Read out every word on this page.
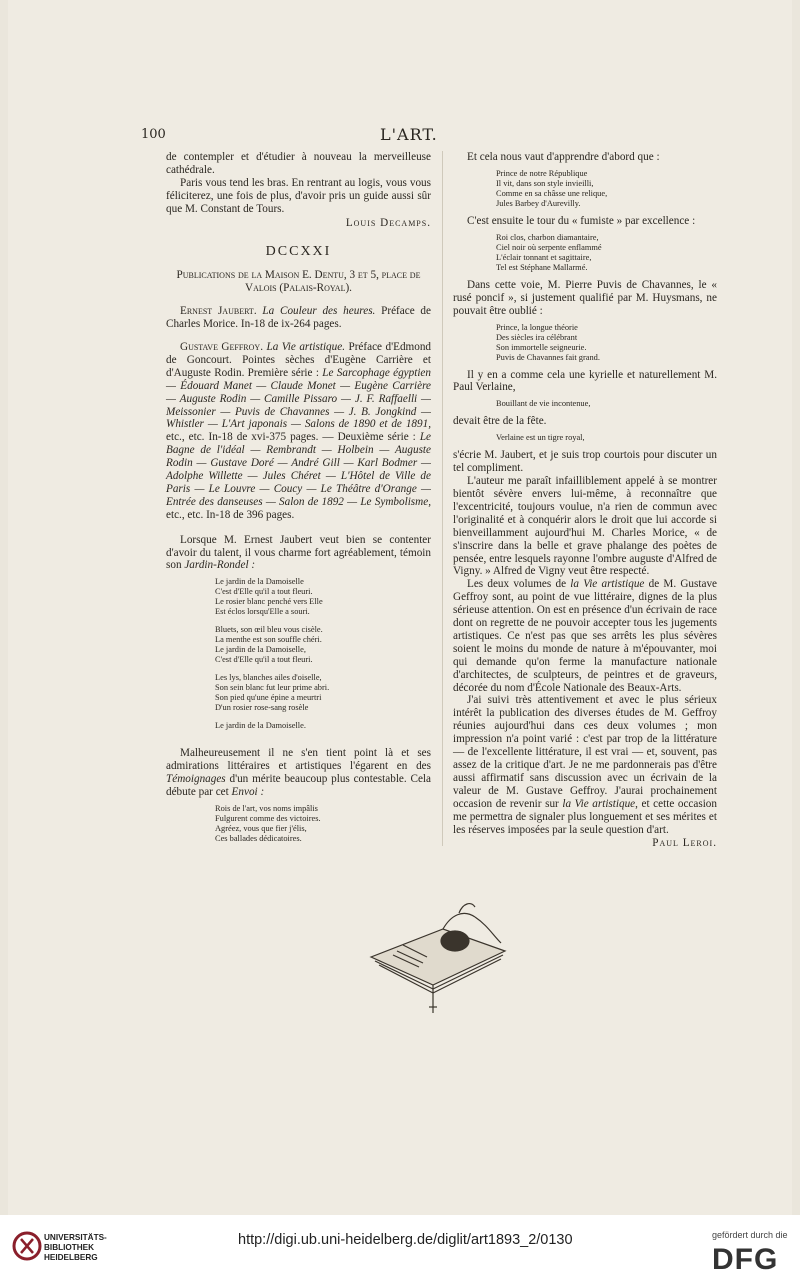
100	L'ART.

de contempler et d'étudier à nouveau la merveilleuse cathédrale.

Paris vous tend les bras. En rentrant au logis, vous vous féliciterez, une fois de plus, d'avoir pris un guide aussi sûr que M. Constant de Tours.

Louis Decamps.

DCCXXI

Publications de la Maison E. Dentu, 3 et 5, place de Valois (Palais-Royal).

Ernest Jaubert. La Couleur des heures. Préface de Charles Morice. In-18 de ix-264 pages.

Gustave Geffroy. La Vie artistique. Préface d'Edmond de Goncourt. Pointes sèches d'Eugène Carrière et d'Auguste Rodin. Première série : Le Sarcophage égyptien — Édouard Manet — Claude Monet — Eugène Carrière — Auguste Rodin — Camille Pissaro — J. F. Raffaelli — Meissonier — Puvis de Chavannes — J. B. Jongkind — Whistler — L'Art japonais — Salons de 1890 et de 1891, etc., etc. In-18 de xvi-375 pages. — Deuxième série : Le Bagne de l'idéal — Rembrandt — Holbein — Auguste Rodin — Gustave Doré — André Gill — Karl Bodmer — Adolphe Willette — Jules Chéret — L'Hôtel de Ville de Paris — Le Louvre — Coucy — Le Théâtre d'Orange — Entrée des danseuses — Salon de 1892 — Le Symbolisme, etc., etc. In-18 de 396 pages.

Lorsque M. Ernest Jaubert veut bien se contenter d'avoir du talent, il vous charme fort agréablement, témoin son Jardin-Rondel :

Le jardin de la Damoiselle
C'est d'Elle qu'il a tout fleuri.
Le rosier blanc penché vers Elle
Est éclos lorsqu'Elle a souri.
Bluets, son œil bleu vous cisèle.
La menthe est son souffle chéri.
Le jardin de la Damoiselle,
C'est d'Elle qu'il a tout fleuri.
Les lys, blanches ailes d'oiselle,
Son sein blanc fut leur prime abri.
Son pied qu'une épine a meurtri
D'un rosier rose-sang rosèle
Le jardin de la Damoiselle.

Malheureusement il ne s'en tient point là et ses admirations littéraires et artistiques l'égarent en des Témoignages d'un mérite beaucoup plus contestable. Cela débute par cet Envoi :

Rois de l'art, vos noms impâlis
Fulgurent comme des victoires.
Agréez, vous que fier j'élis,
Ces ballades dédicatoires.

Et cela nous vaut d'apprendre d'abord que :

Prince de notre République
Il vit, dans son style invieilli,
Comme en sa châsse une relique,
Jules Barbey d'Aurevilly.

C'est ensuite le tour du « fumiste » par excellence :

Roi clos, charbon diamantaire,
Ciel noir où serpente enflammé
L'éclair tonnant et sagittaire,
Tel est Stéphane Mallarmé.

Dans cette voie, M. Pierre Puvis de Chavannes, le « rusé poncif », si justement qualifié par M. Huysmans, ne pouvait être oublié :

Prince, la longue théorie
Des siècles ira célébrant
Son immortelle seigneurie.
Puvis de Chavannes fait grand.

Il y en a comme cela une kyrielle et naturellement M. Paul Verlaine,

Bouillant de vie incontenue,

devait être de la fête.

Verlaine est un tigre royal,

s'écrie M. Jaubert, et je suis trop courtois pour discuter un tel compliment.

L'auteur me paraît infailliblement appelé à se montrer bientôt sévère envers lui-même, à reconnaître que l'excentricité, toujours voulue, n'a rien de commun avec l'originalité et à conquérir alors le droit que lui accorde si bienveillamment aujourd'hui M. Charles Morice, « de s'inscrire dans la belle et grave phalange des poètes de pensée, entre lesquels rayonne l'ombre auguste d'Alfred de Vigny. » Alfred de Vigny veut être respecté.

Les deux volumes de la Vie artistique de M. Gustave Geffroy sont, au point de vue littéraire, dignes de la plus sérieuse attention. On est en présence d'un écrivain de race dont on regrette de ne pouvoir accepter tous les jugements artistiques. Ce n'est pas que ses arrêts les plus sévères soient le moins du monde de nature à m'épouvanter, moi qui demande qu'on ferme la manufacture nationale d'architectes, de sculpteurs, de peintres et de graveurs, décorée du nom d'École Nationale des Beaux-Arts.

J'ai suivi très attentivement et avec le plus sérieux intérêt la publication des diverses études de M. Geffroy réunies aujourd'hui dans ces deux volumes ; mon impression n'a point varié : c'est par trop de la littérature — de l'excellente littérature, il est vrai — et, souvent, pas assez de la critique d'art. Je ne me pardonnerais pas d'être aussi affirmatif sans discussion avec un écrivain de la valeur de M. Gustave Geffroy. J'aurai prochainement occasion de revenir sur la Vie artistique, et cette occasion me permettra de signaler plus longuement et ses mérites et les réserves imposées par la seule question d'art.

Paul Leroi.

UNIVERSITÄTS-
BIBLIOTHEK
HEIDELBERG
http://digi.ub.uni-heidelberg.de/diglit/art1893_2/0130	gefördert durch die
DFG
